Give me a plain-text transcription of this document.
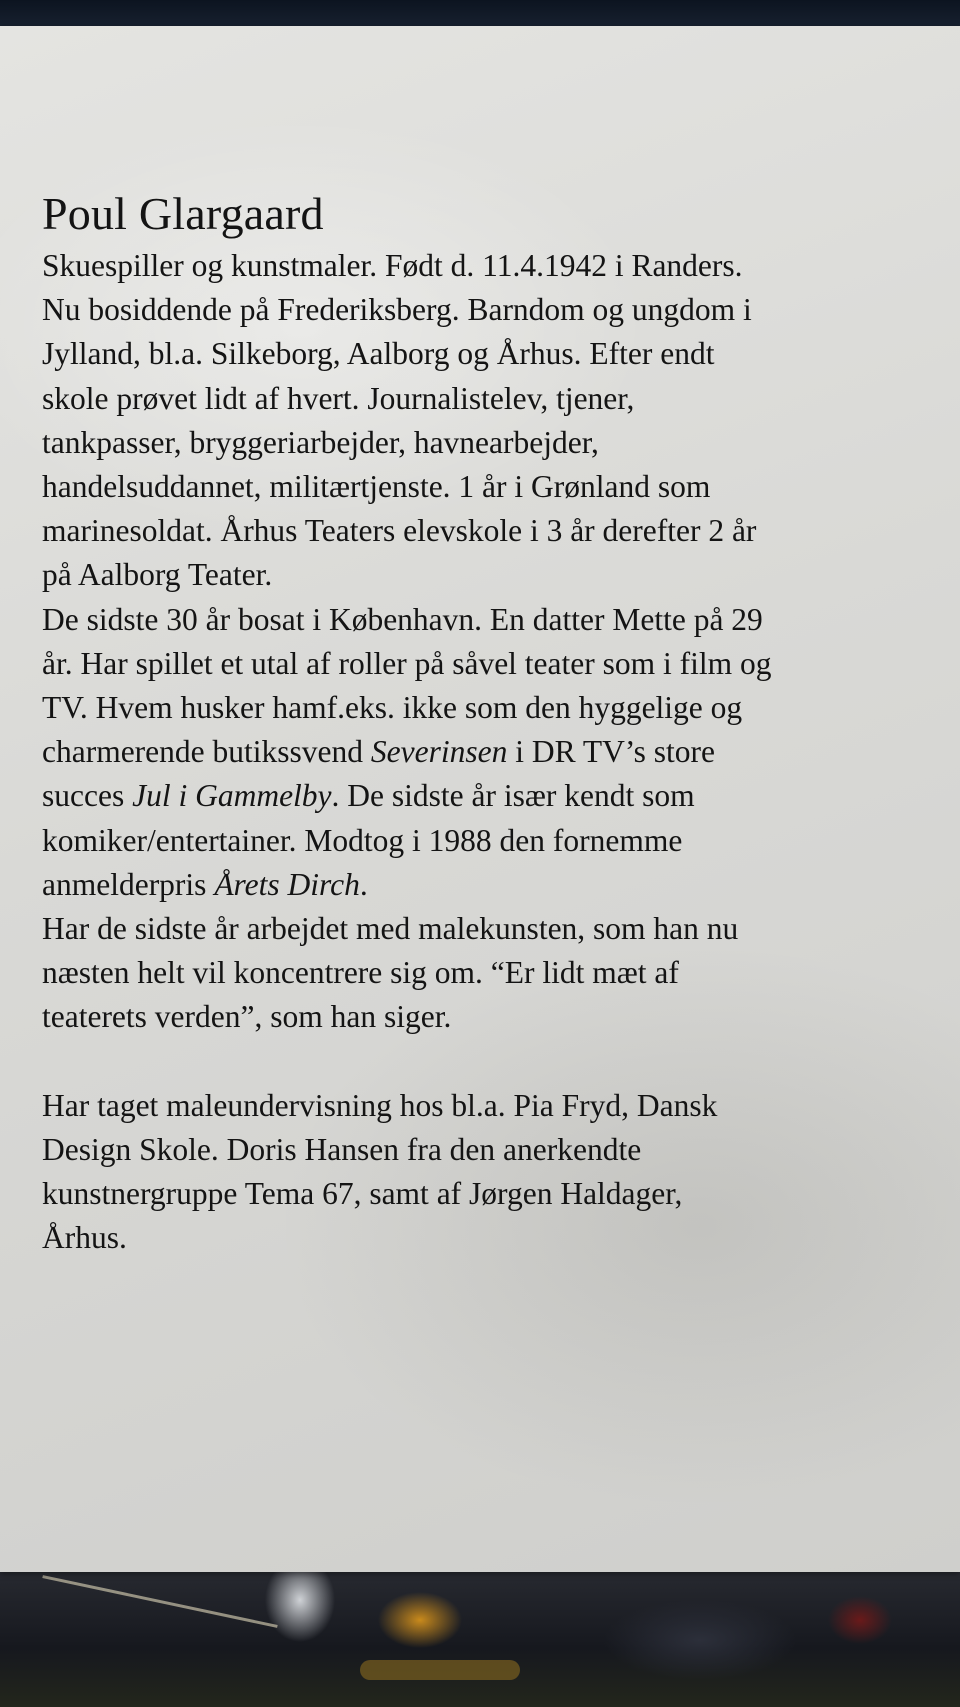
Poul Glargaard

Skuespiller og kunstmaler. Født d. 11.4.1942 i Randers.
Nu bosiddende på Frederiksberg. Barndom og ungdom i
Jylland, bl.a. Silkeborg, Aalborg og Århus. Efter endt
skole prøvet lidt af hvert. Journalistelev, tjener,
tankpasser, bryggeriarbejder, havnearbejder,
handelsuddannet, militærtjenste. 1 år i Grønland som
marinesoldat. Århus Teaters elevskole i 3 år derefter 2 år
på Aalborg Teater.

De sidste 30 år bosat i København. En datter Mette på 29
år. Har spillet et utal af roller på såvel teater som i film og
TV. Hvem husker hamf.eks. ikke som den hyggelige og
charmerende butikssvend Severinsen i DR TV’s store
succes Jul i Gammelby. De sidste år især kendt som
komiker/entertainer. Modtog i 1988 den fornemme
anmelderpris Årets Dirch.

Har de sidste år arbejdet med malekunsten, som han nu
næsten helt vil koncentrere sig om. “Er lidt mæt af
teaterets verden”, som han siger.

Har taget maleundervisning hos bl.a. Pia Fryd, Dansk
Design Skole. Doris Hansen fra den anerkendte
kunstnergruppe Tema 67, samt af Jørgen Haldager,
Århus.
